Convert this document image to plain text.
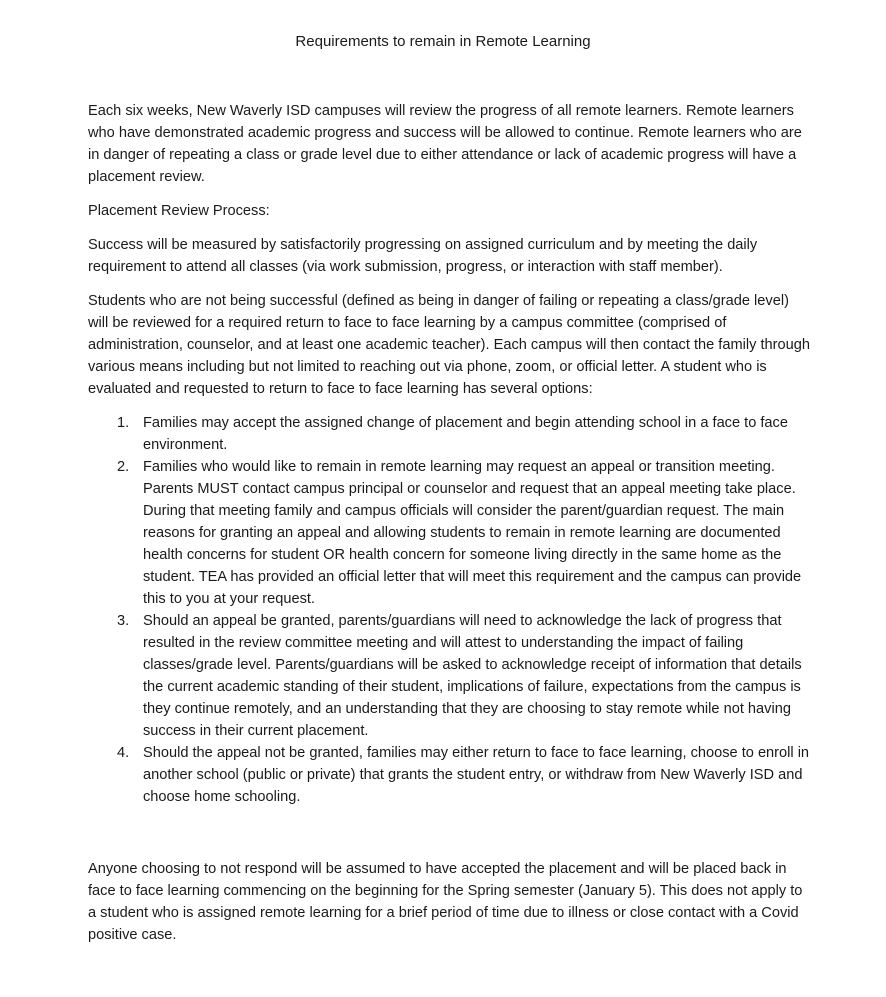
Requirements to remain in Remote Learning

Each six weeks, New Waverly ISD campuses will review the progress of all remote learners. Remote learners who have demonstrated academic progress and success will be allowed to continue. Remote learners who are in danger of repeating a class or grade level due to either attendance or lack of academic progress will have a placement review.

Placement Review Process:

Success will be measured by satisfactorily progressing on assigned curriculum and by meeting the daily requirement to attend all classes (via work submission, progress, or interaction with staff member).

Students who are not being successful (defined as being in danger of failing or repeating a class/grade level) will be reviewed for a required return to face to face learning by a campus committee (comprised of administration, counselor, and at least one academic teacher). Each campus will then contact the family through various means including but not limited to reaching out via phone, zoom, or official letter. A student who is evaluated and requested to return to face to face learning has several options:

1. Families may accept the assigned change of placement and begin attending school in a face to face environment.
2. Families who would like to remain in remote learning may request an appeal or transition meeting. Parents MUST contact campus principal or counselor and request that an appeal meeting take place. During that meeting family and campus officials will consider the parent/guardian request. The main reasons for granting an appeal and allowing students to remain in remote learning are documented health concerns for student OR health concern for someone living directly in the same home as the student. TEA has provided an official letter that will meet this requirement and the campus can provide this to you at your request.
3. Should an appeal be granted, parents/guardians will need to acknowledge the lack of progress that resulted in the review committee meeting and will attest to understanding the impact of failing classes/grade level. Parents/guardians will be asked to acknowledge receipt of information that details the current academic standing of their student, implications of failure, expectations from the campus is they continue remotely, and an understanding that they are choosing to stay remote while not having success in their current placement.
4. Should the appeal not be granted, families may either return to face to face learning, choose to enroll in another school (public or private) that grants the student entry, or withdraw from New Waverly ISD and choose home schooling.

Anyone choosing to not respond will be assumed to have accepted the placement and will be placed back in face to face learning commencing on the beginning for the Spring semester (January 5). This does not apply to a student who is assigned remote learning for a brief period of time due to illness or close contact with a Covid positive case.
